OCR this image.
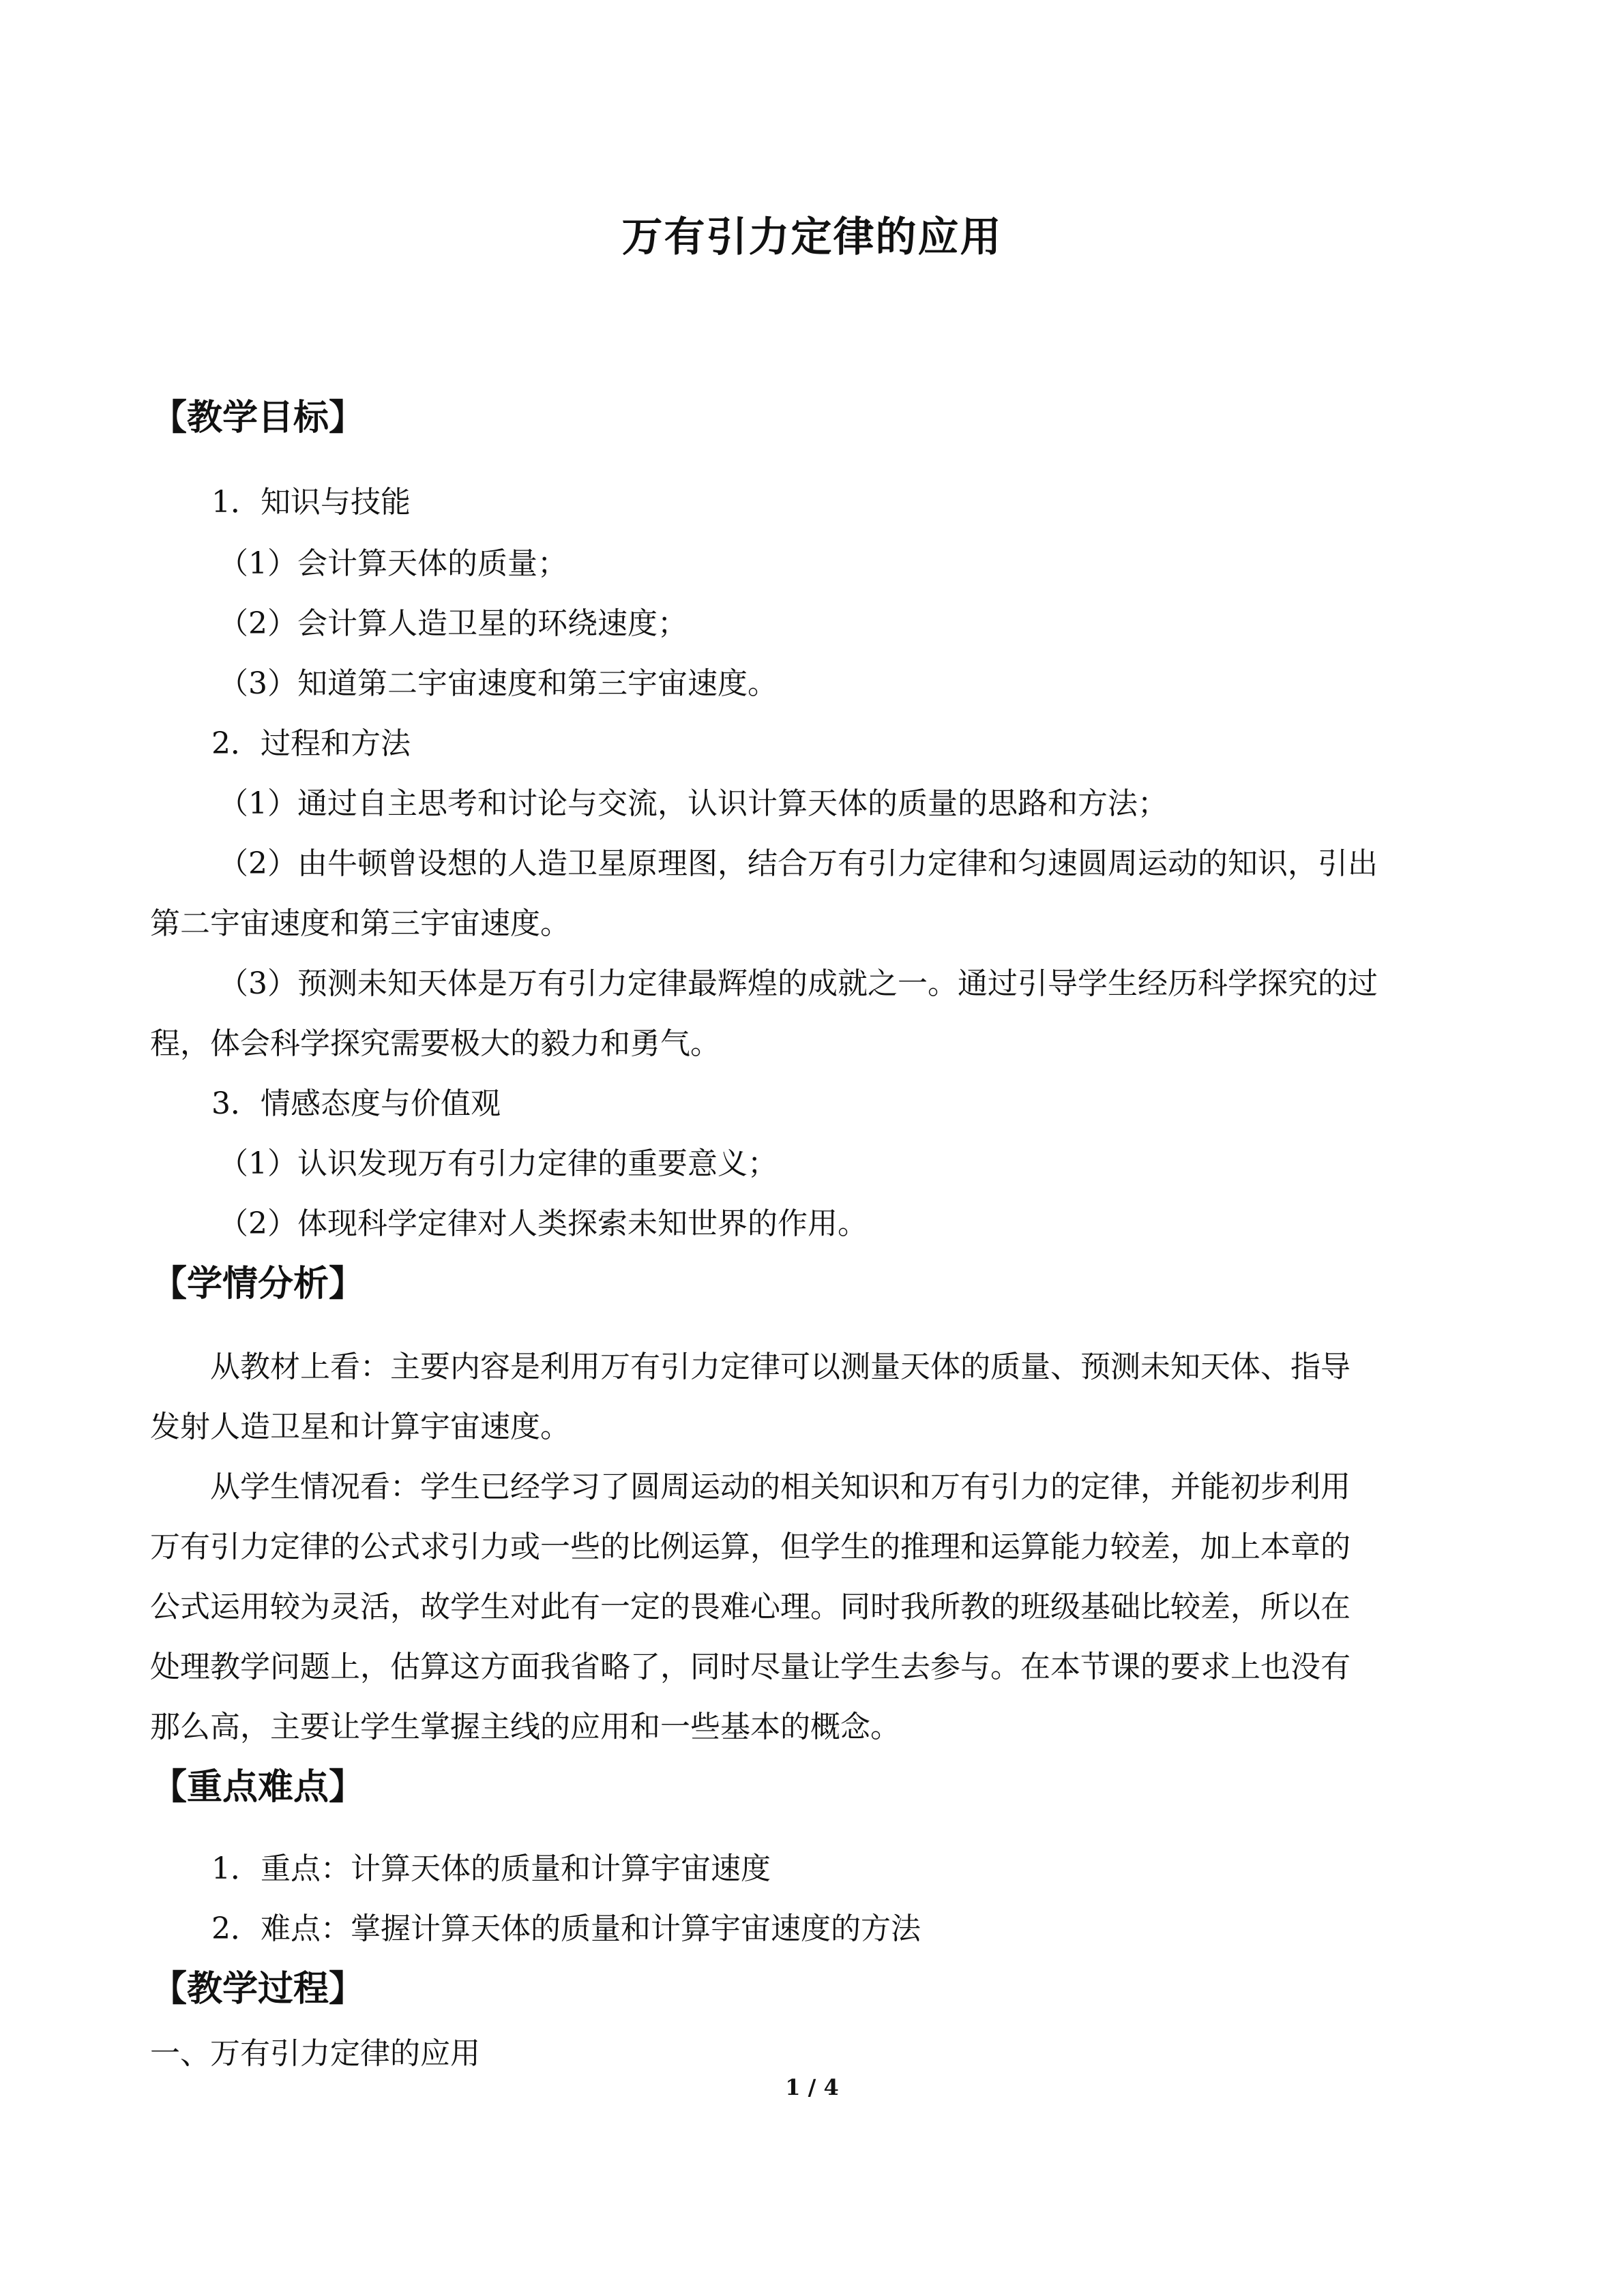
万有引力定律的应用
【教学目标】
1．知识与技能
（1）会计算天体的质量；
（2）会计算人造卫星的环绕速度；
（3）知道第二宇宙速度和第三宇宙速度。
2．过程和方法
（1）通过自主思考和讨论与交流，认识计算天体的质量的思路和方法；
（2）由牛顿曾设想的人造卫星原理图，结合万有引力定律和匀速圆周运动的知识，引出
第二宇宙速度和第三宇宙速度。
（3）预测未知天体是万有引力定律最辉煌的成就之一。通过引导学生经历科学探究的过
程，体会科学探究需要极大的毅力和勇气。
3．情感态度与价值观
（1）认识发现万有引力定律的重要意义；
（2）体现科学定律对人类探索未知世界的作用。
【学情分析】
从教材上看：主要内容是利用万有引力定律可以测量天体的质量、预测未知天体、指导
发射人造卫星和计算宇宙速度。
从学生情况看：学生已经学习了圆周运动的相关知识和万有引力的定律，并能初步利用
万有引力定律的公式求引力或一些的比例运算，但学生的推理和运算能力较差，加上本章的
公式运用较为灵活，故学生对此有一定的畏难心理。同时我所教的班级基础比较差，所以在
处理教学问题上，估算这方面我省略了，同时尽量让学生去参与。在本节课的要求上也没有
那么高，主要让学生掌握主线的应用和一些基本的概念。
【重点难点】
1．重点：计算天体的质量和计算宇宙速度
2．难点：掌握计算天体的质量和计算宇宙速度的方法
【教学过程】
一、万有引力定律的应用
1 / 4
